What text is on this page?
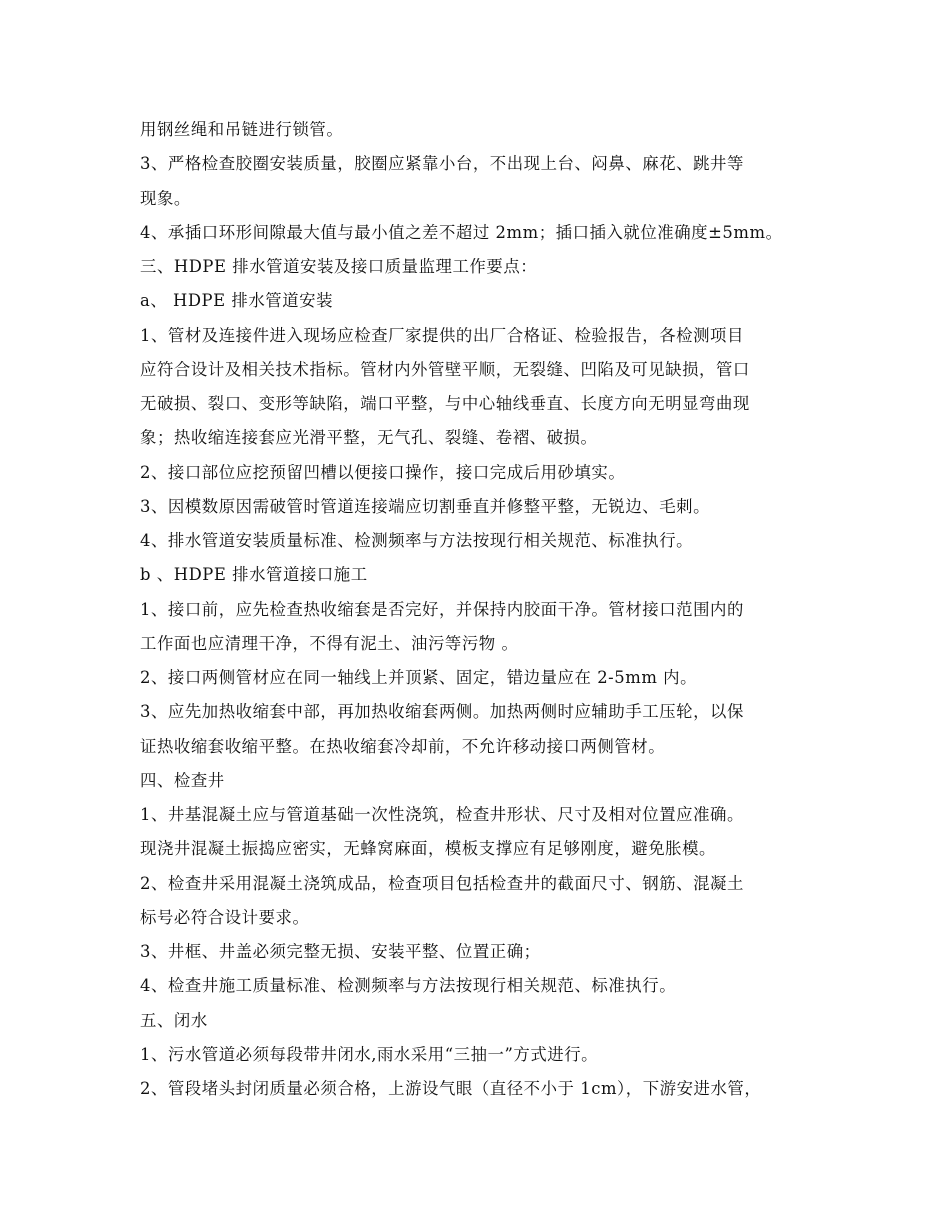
用钢丝绳和吊链进行锁管。
3、严格检查胶圈安装质量，胶圈应紧靠小台，不出现上台、闷鼻、麻花、跳井等
现象。
4、承插口环形间隙最大值与最小值之差不超过 2mm；插口插入就位准确度±5mm。
三、HDPE 排水管道安装及接口质量监理工作要点：
a、 HDPE 排水管道安装
1、管材及连接件进入现场应检查厂家提供的出厂合格证、检验报告，各检测项目
应符合设计及相关技术指标。管材内外管壁平顺，无裂缝、凹陷及可见缺损，管口
无破损、裂口、变形等缺陷，端口平整，与中心轴线垂直、长度方向无明显弯曲现
象；热收缩连接套应光滑平整，无气孔、裂缝、卷褶、破损。
2、接口部位应挖预留凹槽以便接口操作，接口完成后用砂填实。
3、因模数原因需破管时管道连接端应切割垂直并修整平整，无锐边、毛刺。
4、排水管道安装质量标准、检测频率与方法按现行相关规范、标准执行。
b 、HDPE 排水管道接口施工
1、接口前，应先检查热收缩套是否完好，并保持内胶面干净。管材接口范围内的
工作面也应清理干净，不得有泥土、油污等污物 。
2、接口两侧管材应在同一轴线上并顶紧、固定，错边量应在 2-5mm 内。
3、应先加热收缩套中部，再加热收缩套两侧。加热两侧时应辅助手工压轮，以保
证热收缩套收缩平整。在热收缩套冷却前，不允许移动接口两侧管材。
四、检查井
1、井基混凝土应与管道基础一次性浇筑，检查井形状、尺寸及相对位置应准确。
现浇井混凝土振捣应密实，无蜂窝麻面，模板支撑应有足够刚度，避免胀模。
2、检查井采用混凝土浇筑成品，检查项目包括检查井的截面尺寸、钢筋、混凝土
标号必符合设计要求。
3、井框、井盖必须完整无损、安装平整、位置正确；
4、检查井施工质量标准、检测频率与方法按现行相关规范、标准执行。
五、闭水
1、污水管道必须每段带井闭水,雨水采用“三抽一”方式进行。
2、管段堵头封闭质量必须合格，上游设气眼（直径不小于 1cm），下游安进水管，
